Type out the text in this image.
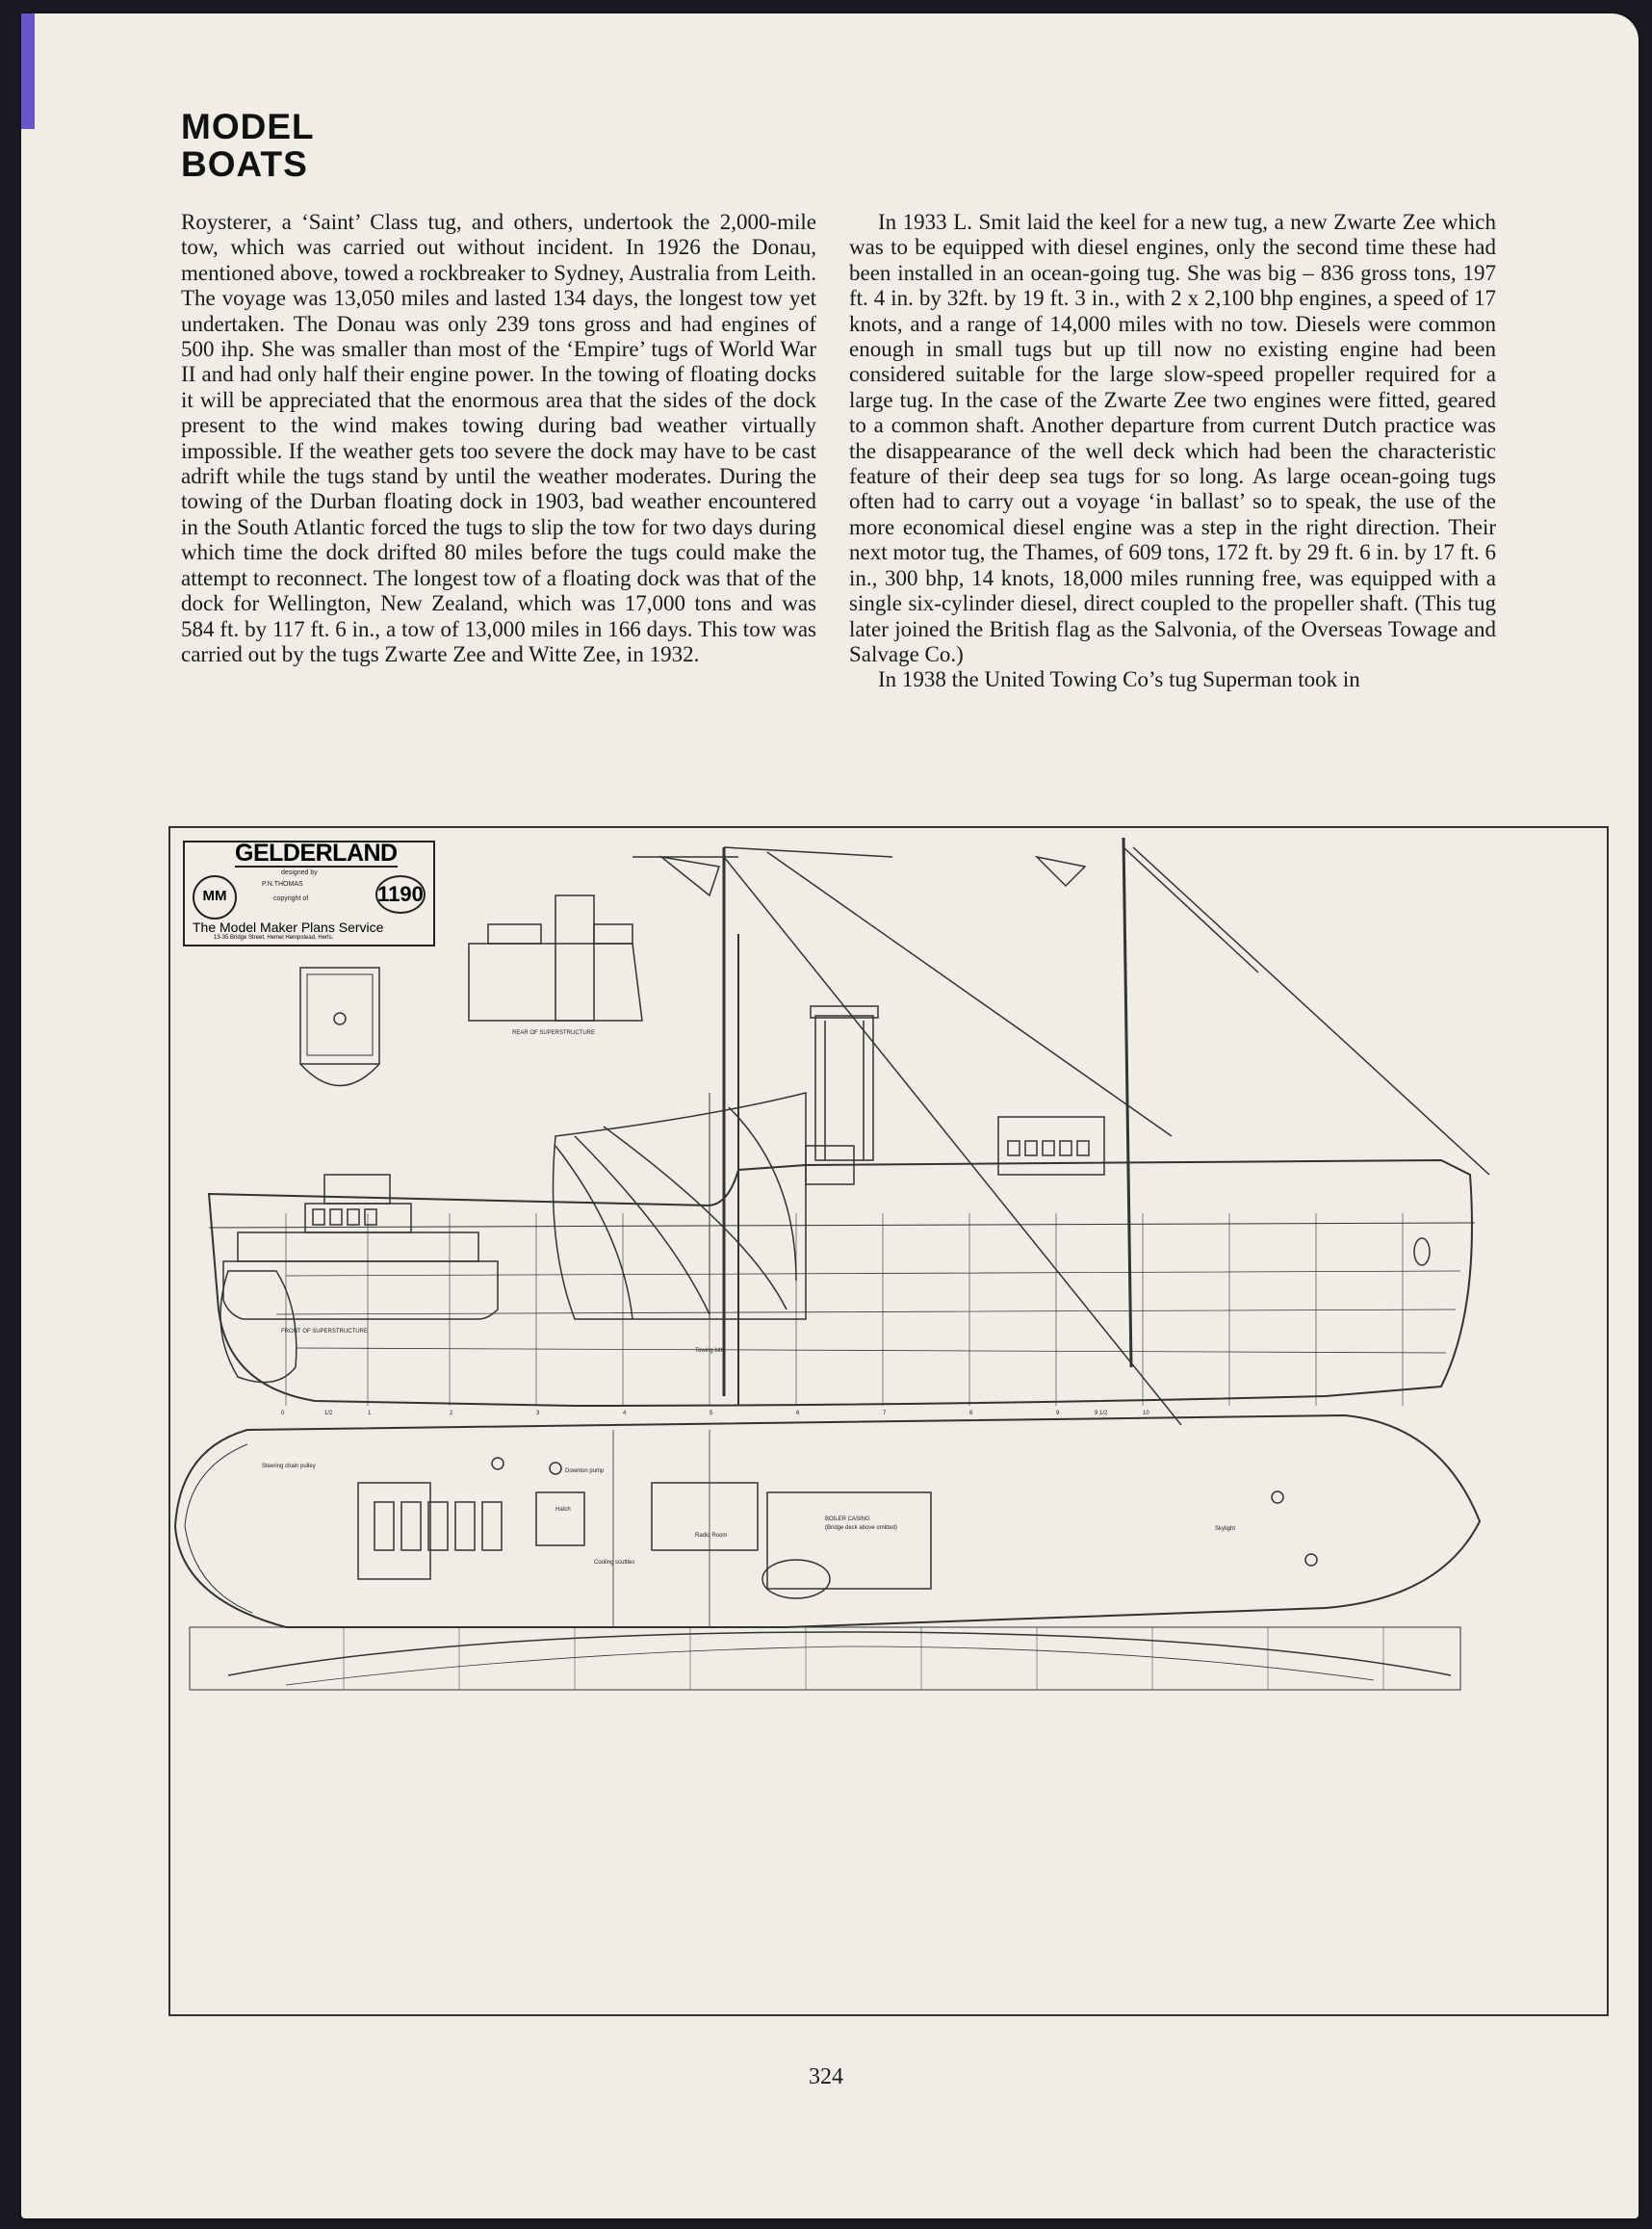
MODEL
BOATS

Roysterer, a ‘Saint’ Class tug, and others, undertook the 2,000-mile tow, which was carried out without incident. In 1926 the Donau, mentioned above, towed a rockbreaker to Sydney, Australia from Leith. The voyage was 13,050 miles and lasted 134 days, the longest tow yet undertaken. The Donau was only 239 tons gross and had engines of 500 ihp. She was smaller than most of the ‘Empire’ tugs of World War II and had only half their engine power. In the towing of floating docks it will be appreciated that the enormous area that the sides of the dock present to the wind makes towing during bad weather virtually impossible. If the weather gets too severe the dock may have to be cast adrift while the tugs stand by until the weather moderates. During the towing of the Durban floating dock in 1903, bad weather encountered in the South Atlantic forced the tugs to slip the tow for two days during which time the dock drifted 80 miles before the tugs could make the attempt to reconnect. The longest tow of a floating dock was that of the dock for Wellington, New Zealand, which was 17,000 tons and was 584 ft. by 117 ft. 6 in., a tow of 13,000 miles in 166 days. This tow was carried out by the tugs Zwarte Zee and Witte Zee, in 1932.

In 1933 L. Smit laid the keel for a new tug, a new Zwarte Zee which was to be equipped with diesel engines, only the second time these had been installed in an ocean-going tug. She was big – 836 gross tons, 197 ft. 4 in. by 32ft. by 19 ft. 3 in., with 2 x 2,100 bhp engines, a speed of 17 knots, and a range of 14,000 miles with no tow. Diesels were common enough in small tugs but up till now no existing engine had been considered suitable for the large slow-speed propeller required for a large tug. In the case of the Zwarte Zee two engines were fitted, geared to a common shaft. Another departure from current Dutch practice was the disappearance of the well deck which had been the characteristic feature of their deep sea tugs for so long. As large ocean-going tugs often had to carry out a voyage ‘in ballast’ so to speak, the use of the more economical diesel engine was a step in the right direction. Their next motor tug, the Thames, of 609 tons, 172 ft. by 29 ft. 6 in. by 17 ft. 6 in., 300 bhp, 14 knots, 18,000 miles running free, was equipped with a single six-cylinder diesel, direct coupled to the propeller shaft. (This tug later joined the British flag as the Salvonia, of the Overseas Towage and Salvage Co.)

In 1938 the United Towing Co’s tug Superman took in

GELDERLAND
MM	1190
designed by
P.N.THOMAS
copyright of
The Model Maker Plans Service
13-35 Bridge Street, Hemel Hempstead, Herts.
REAR OF SUPERSTRUCTURE
FRONT OF SUPERSTRUCTURE
Towing bitts
BOILER CASING
(Bridge deck above omitted)
Cooling scuttles
Downton pump
Radio Room
Skylight
Hatch
Steering chain pulley
0	1/2	1	2	3	4	5	6	7	8	9	9 1/2	10
324
